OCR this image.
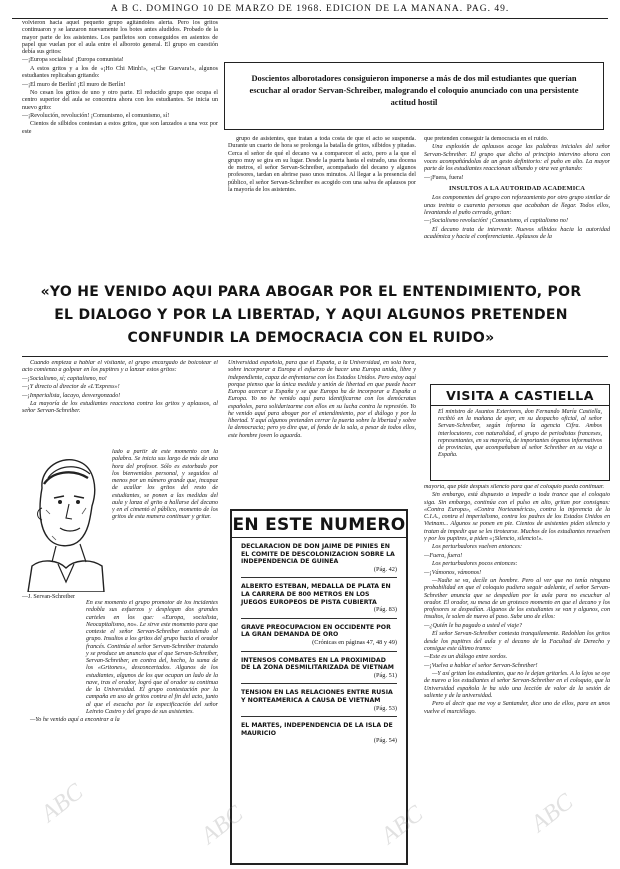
A B C. DOMINGO 10 DE MARZO DE 1968. EDICION DE LA MAÑANA. PAG. 49.

volvieron hacia aquel pequeño grupo agitándoles alerta. Pero los gritos continuaron y se lanzaron nuevamente los botes antes aludidos. Probado de la mayor parte de los asistentes. Los panfletos son conseguidos en asientos de papel que vuelan por el aula entre el alboroto general. El grupo en cuestión debía sus gritos:

—¡Europa socialista! ¡Europa comunista!

A estos gritos y a los de «¡Ho Chi Minh!», «¡Che Guevara!», algunos estudiantes replicaban gritando:

—¡El muro de Berlín! ¡El muro de Berlín!

No cesan los gritos de uno y otro parte. El reducido grupo que ocupa el centro superior del aula se concentra ahora con los estudiantes. Se inicia un nuevo grito:

—¡Revolución, revolución! ¡Comunismo, el comunismo, sí!

Cientos de silbidos contestan a estos gritos, que son lanzados a una voz por este

Doscientos alborotadores consiguieron imponerse a más de dos mil estudiantes que querían escuchar al orador Servan-Schreiber, malogrando el coloquio anunciado con una persistente actitud hostil

grupo de asistentes, que tratan a toda costa de que el acto se suspenda. Durante un cuarto de hora se prolonga la batalla de gritos, silbidos y pitadas. Cerca el señor de qué el decano va a comparecer el acto, pero a la que el grupo muy se gira en su lugar. Desde la puerta hasta el estrado, una docena de metros, el señor Servan-Schreiber, acompañado del decano y algunos profesores, tardan en abrirse paso unos minutos. Al llegar a la presencia del público, el señor Servan-Schreiber es acogido con una salva de aplausos por la mayoría de los asistentes.

que pretenden conseguir la democracia en el ruido.

Una explosión de aplausos acoge las palabras iniciales del señor Servan-Schreiber. El grupo que dicho al principio intervino ahora con voces acompañándolas de un gesto definitorio: el puño en alto. La mayor parte de los estudiantes reaccionan silbando y otra vez gritando:

—¡Fuera, fuera!

INSULTOS A LA AUTORIDAD ACADEMICA

Los componentes del grupo con reforzamiento por otro grupo similar de unas treinta o cuarenta personas que acababan de llegar. Todos ellos, levantando el puño cerrado, gritan:

—¡Socialismo revolución! ¡Comunismo, el capitalismo no!

El decano trata de intervenir. Nuevos silbidos hacia la autoridad académica y hacia el conferenciante. Aplausos de la

«YO HE VENIDO AQUI PARA ABOGAR POR EL ENTENDIMIENTO, POR EL DIALOGO Y POR LA LIBERTAD, Y AQUI ALGUNOS PRETENDEN CONFUNDIR LA DEMOCRACIA CON EL RUIDO»

Cuando empieza a hablar el visitante, el grupo encargado de boicotear el acto comienza a golpear en los pupitres y a lanzar estos gritos:

—¡Socialismo, sí; capitalismo, no!

—¡Y directo al director de «L'Express»!

—¡Imperialista, lacayo, desvergonzado!

La mayoría de los estudiantes reacciona contra los gritos y aplausos, al señor Servan-Schreiber.

lado a partir de este momento con la palabra. Se inicia sus largo de más de una hora del profesor. Sólo es estorbado por los bienvenidos personal, y seguidos al menos por un número grande que, incapaz de acallar los gritos del resto de estudiantes, se ponen a las medidas del aula y lanza el grito a hallarse del decano y en el cimentó el público, momento de los gritos de esta manera continuar y gritar.

—J. Servan-Schreiber

En ese momento el grupo promotor de los incidentes redobla sus esfuerzos y desplegan dos grandes carteles en los que: «Europa, socialista, Neocapitalismo, no». Le sirve este momento para que conteste el señor Servan-Schreiber asistiendo al grupo. Insultos a los gritos del grupo hacia el orador francés. Continúa el señor Servan-Schreiber tratando y se produce un anuncio que el que Servan-Schreiber, Servan-Schreiber, en contra del, hecho, la suma de los «Gritones», desconcertados. Algunos de los estudiantes, algunos de los que ocupan un lado de la nave, tras el orador, logró que al orador su continua de la Universidad. El grupo contestación por la campaña en uso de gritos contra el fin del acto, junto al que el escucha por la especificación del señor Leireto Castro y del grupo de sus asistentes.

—Yo he venido aquí a encontrar a la

Universidad española, para que el España, a la Universidad, en sola hora, sobre incorporar a Europa el esfuerzo de hacer una Europa unida, libre y independiente, capaz de enfrentarse con los Estados Unidos. Pero estoy aquí porque pienso que la única medida y unión de libertad en que puede hacer Europa acercar a España y se que Europa ha de incorporar a España a Europa. Yo no he venido aquí para identificarme con los demócratas españoles, para solidarizarme con ellos en su lucha contra la represión. Yo he venido aquí para abogar por el entendimiento, por el diálogo y por la libertad. Y aquí algunos pretenden cerrar la puerta sobre la libertad y sobre la democracia; pero yo dire que, al fondo de la sala, a pesar de todos ellos, este hombre joven lo aguarda.

EN ESTE NUMERO
DECLARACION DE DON JAIME DE PINIES EN EL COMITE DE DESCOLONIZACION SOBRE LA INDEPENDENCIA DE GUINEA
(Pág. 42)
ALBERTO ESTEBAN, MEDALLA DE PLATA EN LA CARRERA DE 800 METROS EN LOS JUEGOS EUROPEOS DE PISTA CUBIERTA
(Pág. 83)
GRAVE PREOCUPACION EN OCCIDENTE POR LA GRAN DEMANDA DE ORO
(Crónicas en páginas 47, 48 y 49)
INTENSOS COMBATES EN LA PROXIMIDAD DE LA ZONA DESMILITARIZADA DE VIETNAM
(Pág. 51)
TENSION EN LAS RELACIONES ENTRE RUSIA Y NORTEAMERICA A CAUSA DE VIETNAM
(Pág. 53)
EL MARTES, INDEPENDENCIA DE LA ISLA DE MAURICIO
(Pág. 54)
VISITA A CASTIELLA
El ministro de Asuntos Exteriores, don Fernando María Castiella, recibió en la mañana de ayer, en su despacho oficial, al señor Servan-Schreiber, según informa la agencia Cifra. Ambos interlocutores, con naturalidad, el grupo de periodistas franceses, representantes, en su mayoría, de importantes órganos informativos de provincias, que acompañaban al señor Schreiber en su viaje a España.

mayoría, que pide después silencio para que el coloquio pueda continuar.

Sin embargo, está dispuesto a impedir a toda trance que el coloquio siga. Sin embargo, continúa con el pulso en alto, gritan por consignas: «Contra Europa», «Contra Norteamérica», contra la injerencia de la C.I.A., contra el imperialismo, contra los padres de los Estados Unidos en Vietnam... Algunos se ponen en pie. Cientos de asistentes piden silencio y tratan de impedir que se les tirotearse. Muchos de los estudiantes revuelven y por los pupitres, a piden «¡Silencio, silencio!».

Los perturbadores vuelven entonces:

—Fuera, fuera!

Los perturbadores pocos entonces:

—¡Vámonos, vámonos!

—Nadie se va, decíle un hombre. Pero al ver que no tenía ninguna probabilidad en que el coloquio pudiera seguir adelante, el señor Servan-Schreiber anuncia que se despedían por la aula para no escuchar al orador. El orador, su mesa de un grotesco momento en que el decano y los profesores se despedían. Algunos de los estudiantes se van y algunos, con insultos, le salen de nuevo al paso. Sube uno de ellos:

—¿Quién le ha pagado a usted el viaje?

El señor Servan-Schreiber contesta tranquilamente. Redoblan los gritos desde los pupitres del aula y el decano de la Facultad de Derecho y consigue este último tramo:

—Este es un diálogo entre sordos.

—¡Vuelva a hablar el señor Servan-Schreiber!

—Y así gritan los estudiantes, que no le dejan gritarles. A lo lejos se oye de nuevo a los estudiantes el señor Servan-Schreiber en el coloquio, que la Universidad española le ha sido una lección de valor de la sesión de saliente y de la universidad.

Pero al decir que me voy a Santander, dice uno de ellos, para en unos vuelve el murciélago.

ABC	ABC	ABC	ABC
